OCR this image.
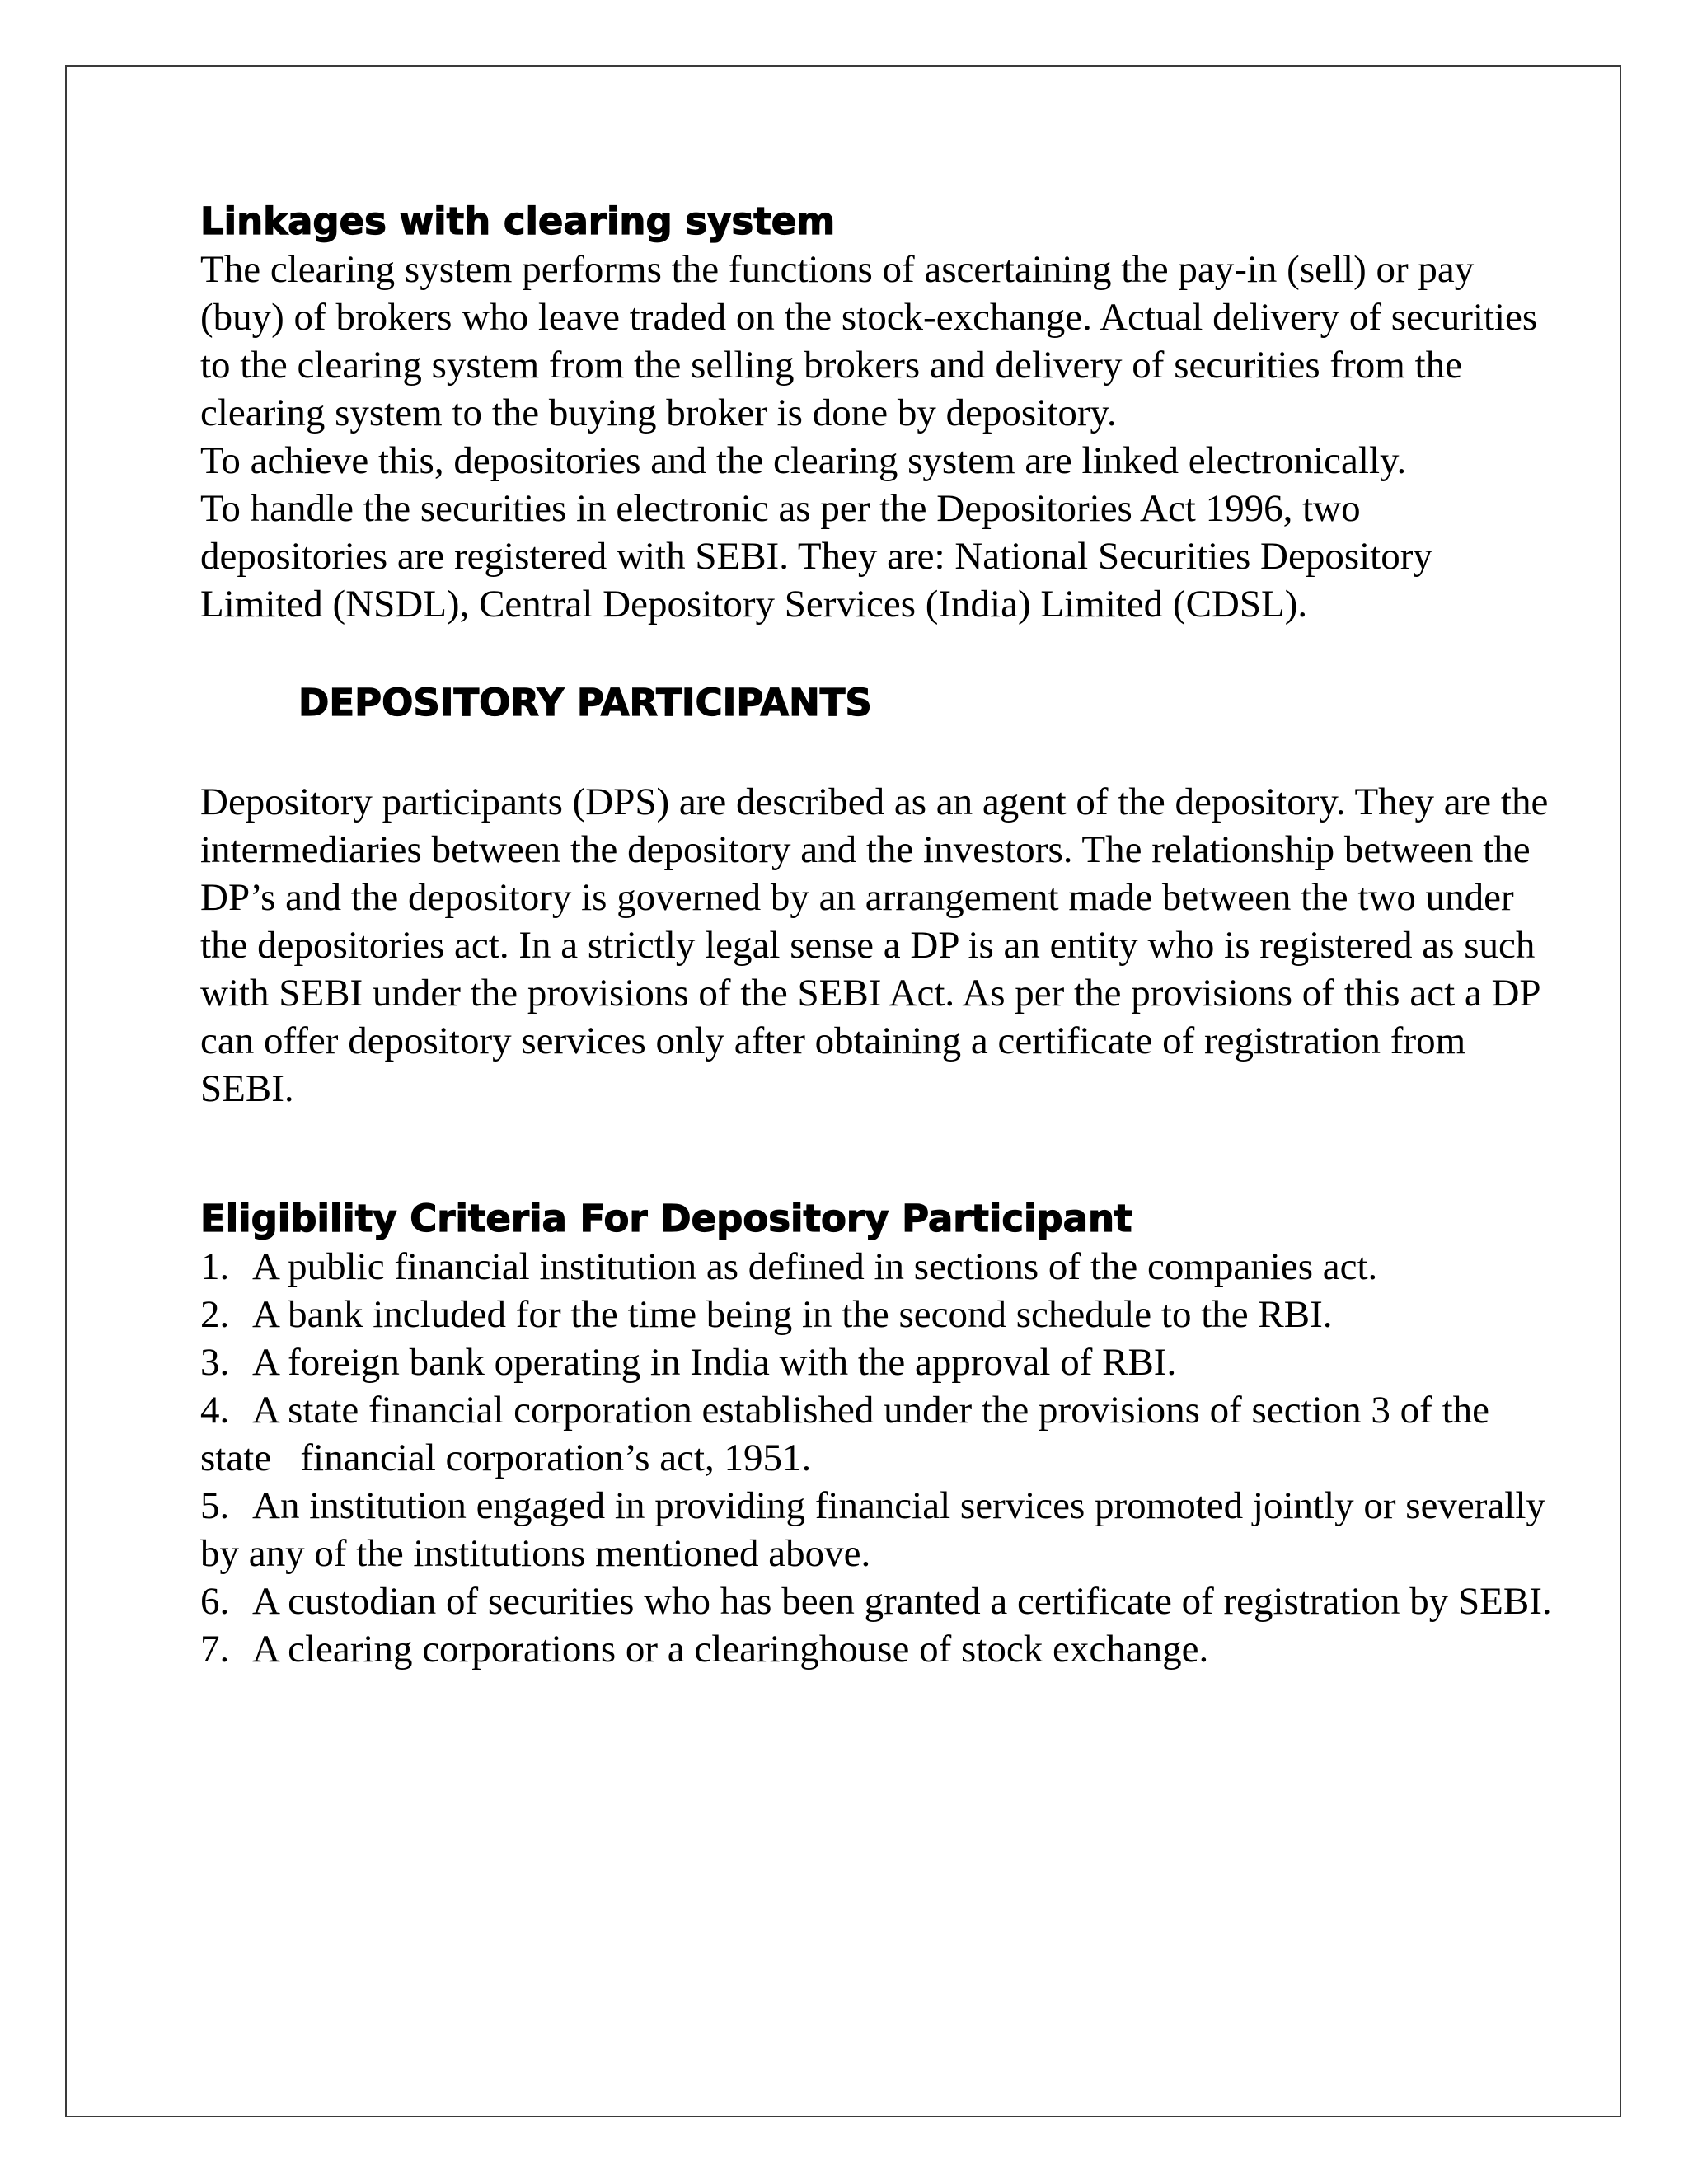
Linkages with clearing system

The clearing system performs the functions of ascertaining the pay-in (sell) or pay (buy) of brokers who leave traded on the stock-exchange. Actual delivery of securities to the clearing system from the selling brokers and delivery of securities from the clearing system to the buying broker is done by depository.

To achieve this, depositories and the clearing system are linked electronically.

To handle the securities in electronic as per the Depositories Act 1996, two depositories are registered with SEBI. They are: National Securities Depository Limited (NSDL), Central Depository Services (India) Limited (CDSL).

DEPOSITORY PARTICIPANTS

Depository participants (DPS) are described as an agent of the depository. They are the intermediaries between the depository and the investors. The relationship between the DP’s and the depository is governed by an arrangement made between the two under the depositories act. In a strictly legal sense a DP is an entity who is registered as such with SEBI under the provisions of the SEBI Act. As per the provisions of this act a DP can offer depository services only after obtaining a certificate of registration from SEBI.

Eligibility Criteria For Depository Participant
1. A public financial institution as defined in sections of the companies act.
2. A bank included for the time being in the second schedule to the RBI.
3. A foreign bank operating in India with the approval of RBI.
4. A state financial corporation established under the provisions of section 3 of the state   financial corporation’s act, 1951.
5. An institution engaged in providing financial services promoted jointly or severally by any of the institutions mentioned above.
6. A custodian of securities who has been granted a certificate of registration by SEBI.
7. A clearing corporations or a clearinghouse of stock exchange.
